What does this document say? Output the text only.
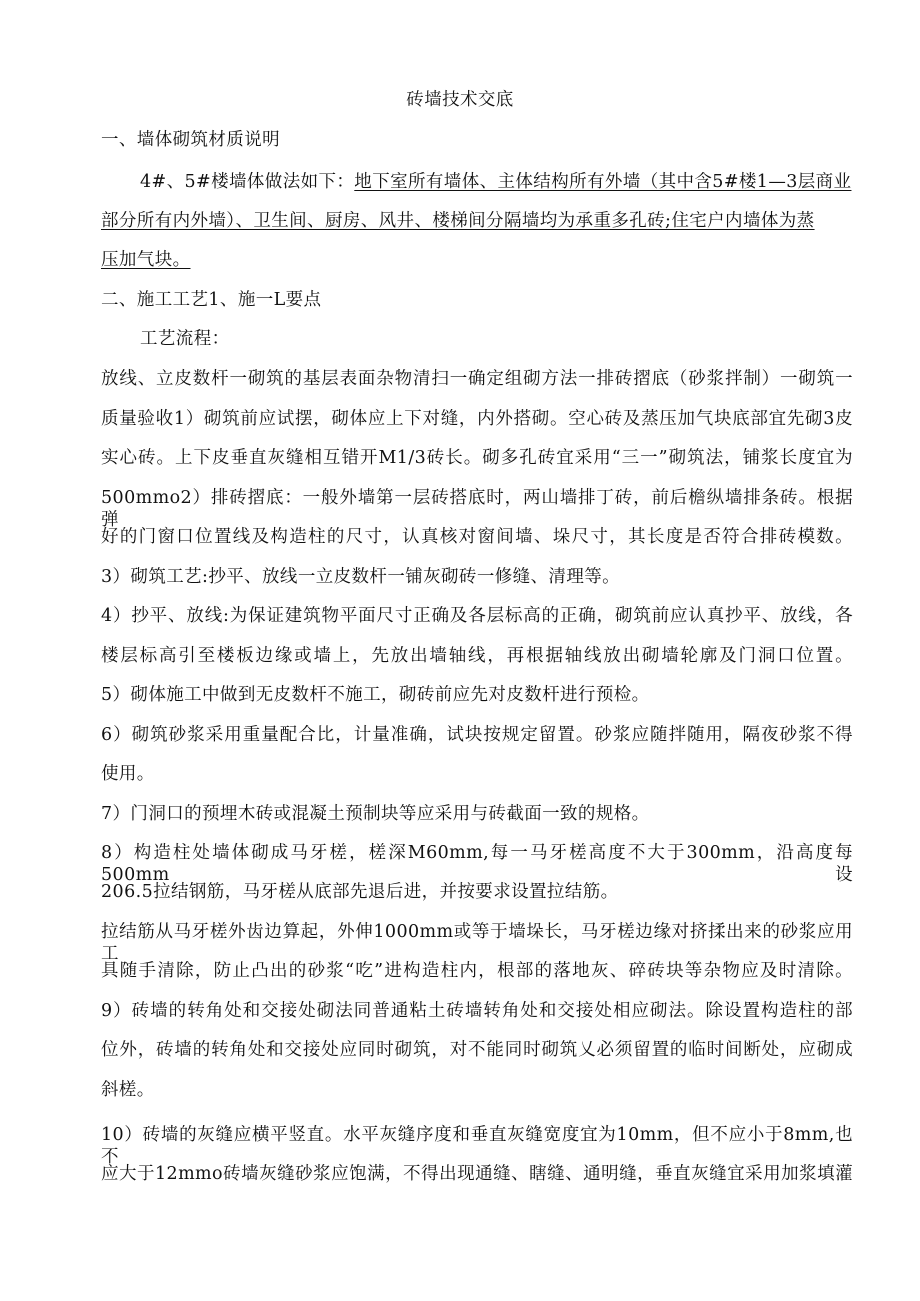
砖墙技术交底
一、墙体砌筑材质说明
4#、5#楼墙体做法如下：地下室所有墙体、主体结构所有外墙（其中含5#楼1—3层商业
部分所有内外墙）、卫生间、厨房、风井、楼梯间分隔墙均为承重多孔砖;住宅户内墙体为蒸
压加气块。
二、施工工艺1、施一L要点
工艺流程：
放线、立皮数杆一砌筑的基层表面杂物清扫一确定组砌方法一排砖摺底（砂浆拌制）一砌筑一
质量验收1）砌筑前应试摆，砌体应上下对缝，内外搭砌。空心砖及蒸压加气块底部宜先砌3皮
实心砖。上下皮垂直灰缝相互错开M1/3砖长。砌多孔砖宜采用“三一”砌筑法，铺浆长度宜为
500mmo2）排砖摺底：一般外墙第一层砖搭底时，两山墙排丁砖，前后檐纵墙排条砖。根据弹
好的门窗口位置线及构造柱的尺寸，认真核对窗间墙、垛尺寸，其长度是否符合排砖模数。
3）砌筑工艺:抄平、放线一立皮数杆一铺灰砌砖一修缝、清理等。
4）抄平、放线:为保证建筑物平面尺寸正确及各层标高的正确，砌筑前应认真抄平、放线，各
楼层标高引至楼板边缘或墙上，先放出墙轴线，再根据轴线放出砌墙轮廓及门洞口位置。
5）砌体施工中做到无皮数杆不施工，砌砖前应先对皮数杆进行预检。
6）砌筑砂浆采用重量配合比，计量准确，试块按规定留置。砂浆应随拌随用，隔夜砂浆不得
使用。
7）门洞口的预埋木砖或混凝土预制块等应采用与砖截面一致的规格。
8）构造柱处墙体砌成马牙槎，槎深M60mm,每一马牙槎高度不大于300mm，沿高度每500mm设
206.5拉结钢筋，马牙槎从底部先退后进，并按要求设置拉结筋。
拉结筋从马牙槎外齿边算起，外伸1000mm或等于墙垛长，马牙槎边缘对挤揉出来的砂浆应用工
具随手清除，防止凸出的砂浆“吃”进构造柱内，根部的落地灰、碎砖块等杂物应及时清除。
9）砖墙的转角处和交接处砌法同普通粘土砖墙转角处和交接处相应砌法。除设置构造柱的部
位外，砖墙的转角处和交接处应同时砌筑，对不能同时砌筑乂必须留置的临时间断处，应砌成
斜槎。
10）砖墙的灰缝应横平竖直。水平灰缝序度和垂直灰缝宽度宜为10mm，但不应小于8mm,也不
应大于12mmo砖墙灰缝砂浆应饱满，不得出现通缝、瞎缝、通明缝，垂直灰缝宜采用加浆填灌
